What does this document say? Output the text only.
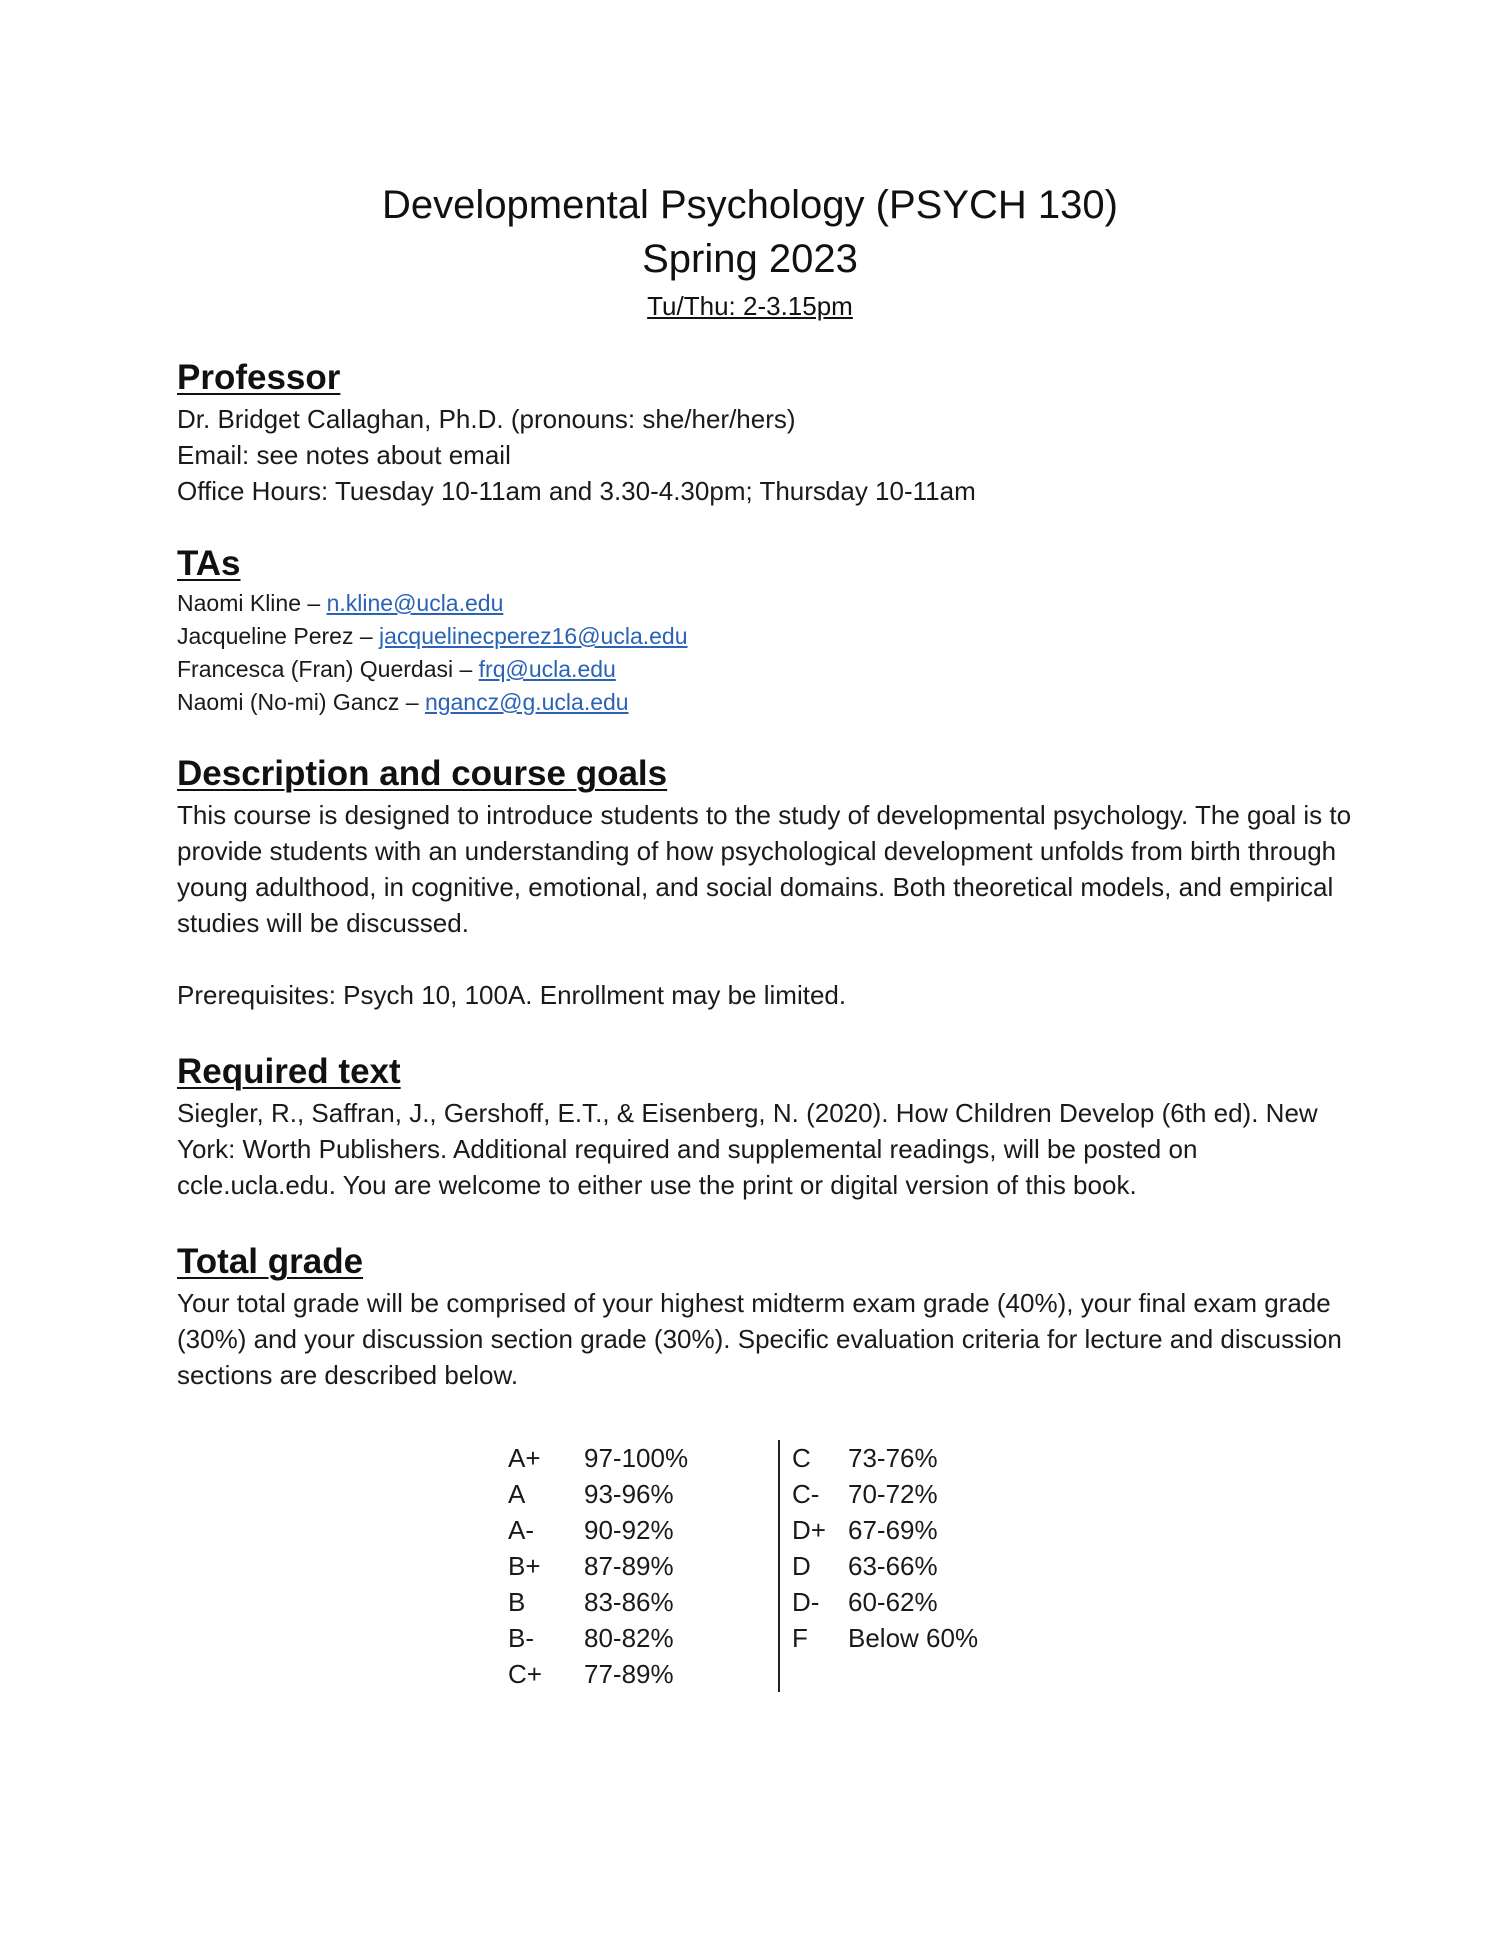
Developmental Psychology (PSYCH 130)
Spring 2023
Tu/Thu: 2-3.15pm
Professor

Dr. Bridget Callaghan, Ph.D. (pronouns: she/her/hers)

Email: see notes about email

Office Hours: Tuesday 10-11am and 3.30-4.30pm; Thursday 10-11am

TAs
Naomi Kline – n.kline@ucla.edu
Jacqueline Perez – jacquelinecperez16@ucla.edu
Francesca (Fran) Querdasi – frq@ucla.edu
Naomi (No-mi) Gancz – ngancz@g.ucla.edu
Description and course goals

This course is designed to introduce students to the study of developmental psychology. The goal is to provide students with an understanding of how psychological development unfolds from birth through young adulthood, in cognitive, emotional, and social domains. Both theoretical models, and empirical studies will be discussed.

Prerequisites: Psych 10, 100A. Enrollment may be limited.

Required text

Siegler, R., Saffran, J., Gershoff, E.T., & Eisenberg, N. (2020). How Children Develop (6th ed). New York: Worth Publishers. Additional required and supplemental readings, will be posted on ccle.ucla.edu. You are welcome to either use the print or digital version of this book.

Total grade

Your total grade will be comprised of your highest midterm exam grade (40%), your final exam grade (30%) and your discussion section grade (30%). Specific evaluation criteria for lecture and discussion sections are described below.

A+	97-100%
A	93-96%
A-	90-92%
B+	87-89%
B	83-86%
B-	80-82%
C+	77-89%
C	73-76%
C-	70-72%
D+ 67-69%
D	63-66%
D-	60-62%
F	Below 60%
